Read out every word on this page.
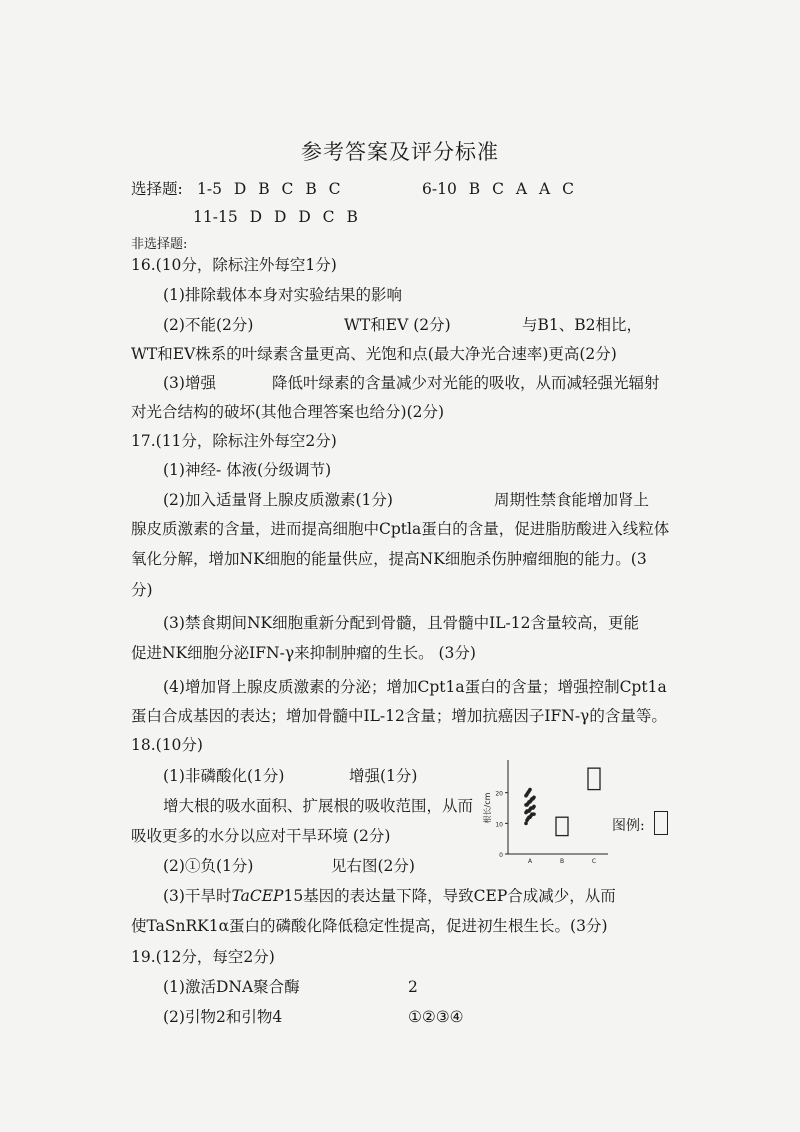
参考答案及评分标准
选择题: 1-5 D B C B C	6-10 B C A A C
11-15 D D D C B
非选择题:
16.(10分，除标注外每空1分)
(1)排除载体本身对实验结果的影响
(2)不能(2分)	WT和EV (2分)	与B1、B2相比，
WT和EV株系的叶绿素含量更高、光饱和点(最大净光合速率)更高(2分)
(3)增强	降低叶绿素的含量减少对光能的吸收，从而减轻强光辐射
对光合结构的破坏(其他合理答案也给分)(2分)
17.(11分，除标注外每空2分)
(1)神经- 体液(分级调节)
(2)加入适量肾上腺皮质激素(1分)	周期性禁食能增加肾上
腺皮质激素的含量，进而提高细胞中Cptla蛋白的含量，促进脂肪酸进入线粒体
氧化分解，增加NK细胞的能量供应，提高NK细胞杀伤肿瘤细胞的能力。(3
分)
(3)禁食期间NK细胞重新分配到骨髓，且骨髓中IL-12含量较高，更能
促进NK细胞分泌IFN-γ来抑制肿瘤的生长。 (3分)
(4)增加肾上腺皮质激素的分泌；增加Cpt1a蛋白的含量；增强控制Cpt1a
蛋白合成基因的表达；增加骨髓中IL-12含量；增加抗癌因子IFN-γ的含量等。
18.(10分)
(1)非磷酸化(1分)	增强(1分)
增大根的吸水面积、扩展根的吸收范围，从而
吸收更多的水分以应对干旱环境 (2分)
(2)①负(1分)	见右图(2分)
(3)干旱时TaCEP15基因的表达量下降，导致CEP合成减少，从而
使TaSnRK1α蛋白的磷酸化降低稳定性提高，促进初生根生长。(3分)
0
10
20
根长/cm
A	B	C
图例:
19.(12分，每空2分)
(1)激活DNA聚合酶	2
(2)引物2和引物4	①②③④
